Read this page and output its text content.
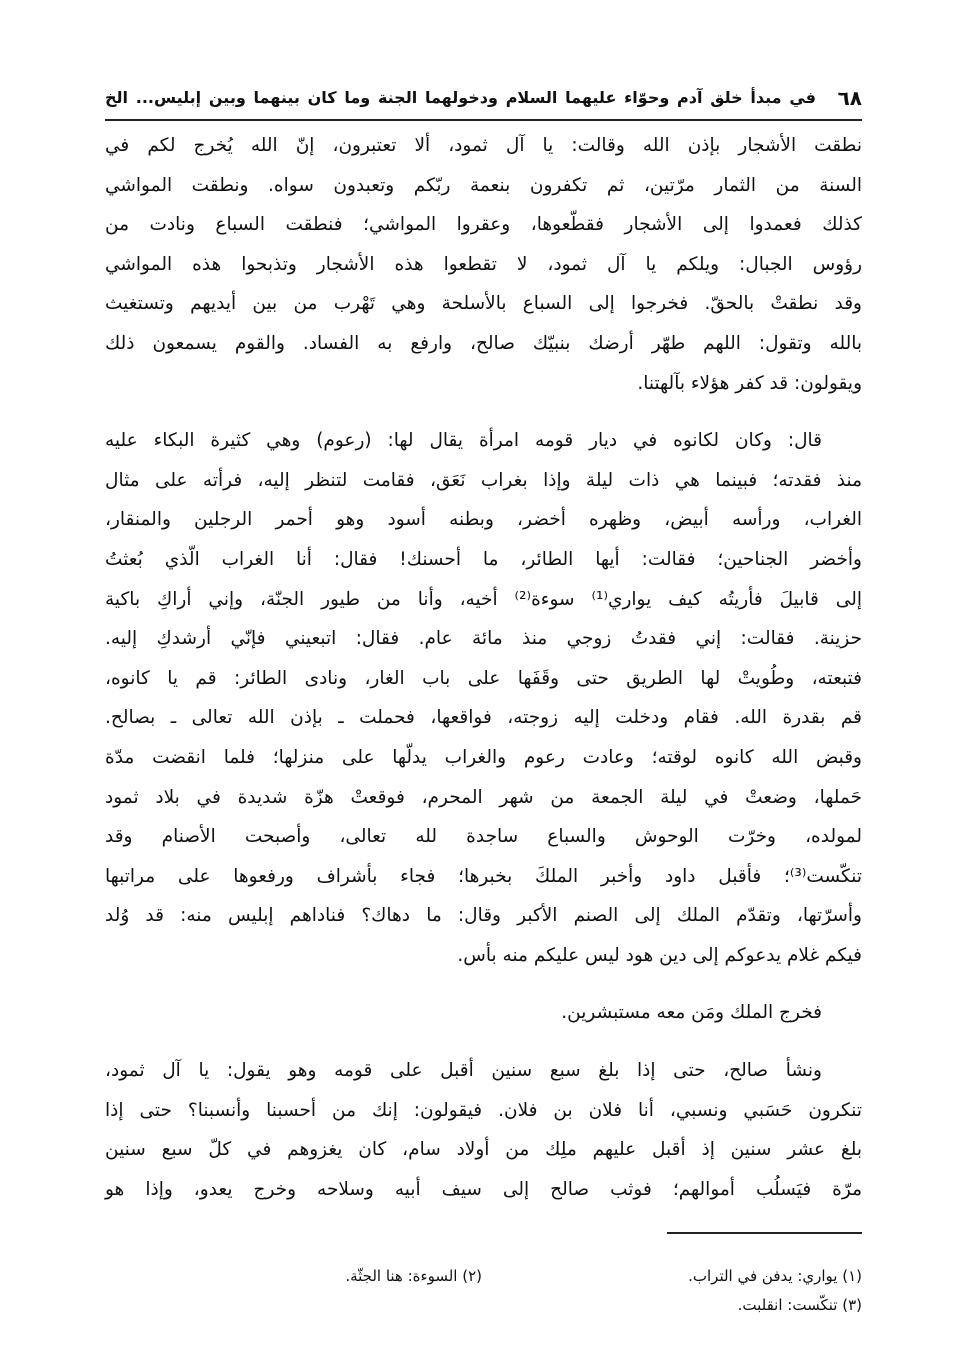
٦٨
في مبدأ خلق آدم وحوّاء عليهما السلام ودخولهما الجنة وما كان بينهما وبين إبليس... الخ
نطقت الأشجار بإذن الله وقالت: يا آل ثمود، ألا تعتبرون، إنّ الله يُخرج لكم في
السنة من الثمار مرّتين، ثم تكفرون بنعمة ربّكم وتعبدون سواه. ونطقت المواشي
كذلك فعمدوا إلى الأشجار فقطّعوها، وعقروا المواشي؛ فنطقت السباع ونادت من
رؤوس الجبال: ويلكم يا آل ثمود، لا تقطعوا هذه الأشجار وتذبحوا هذه المواشي
وقد نطقتْ بالحقّ. فخرجوا إلى السباع بالأسلحة وهي تَهْرب من بين أيديهم وتستغيث
بالله وتقول: اللهم طهّر أرضك بنبيّك صالح، وارفع به الفساد. والقوم يسمعون ذلك
ويقولون: قد كفر هؤلاء بآلهتنا.
قال: وكان لكانوه في ديار قومه امرأة يقال لها: (رعوم) وهي كثيرة البكاء عليه
منذ فقدته؛ فبينما هي ذات ليلة وإذا بغراب نَعَق، فقامت لتنظر إليه، فرأته على مثال
الغراب، ورأسه أبيض، وظهره أخضر، وبطنه أسود وهو أحمر الرجلين والمنقار،
وأخضر الجناحين؛ فقالت: أيها الطائر، ما أحسنك! فقال: أنا الغراب الّذي بُعثتُ
إلى قابيلَ فأريتُه كيف يواري⁽¹⁾ سوءة⁽²⁾ أخيه، وأنا من طيور الجنّة، وإني أراكِ باكية
حزينة. فقالت: إني فقدتُ زوجي منذ مائة عام. فقال: اتبعيني فإنّي أرشدكِ إليه.
فتبعته، وطُويتْ لها الطريق حتى وقَفَها على باب الغار، ونادى الطائر: قم يا كانوه،
قم بقدرة الله. فقام ودخلت إليه زوجته، فواقعها، فحملت ـ بإذن الله تعالى ـ بصالح.
وقبض الله كانوه لوقته؛ وعادت رعوم والغراب يدلّها على منزلها؛ فلما انقضت مدّة
حَملها، وضعتْ في ليلة الجمعة من شهر المحرم، فوقعتْ هزّة شديدة في بلاد ثمود
لمولده، وخرّت الوحوش والسباع ساجدة لله تعالى، وأصبحت الأصنام وقد
تنكّست⁽³⁾؛ فأقبل داود وأخبر الملكَ بخبرها؛ فجاء بأشراف ورفعوها على مراتبها
وأسرّتها، وتقدّم الملك إلى الصنم الأكبر وقال: ما دهاك؟ فناداهم إبليس منه: قد وُلد
فيكم غلام يدعوكم إلى دين هود ليس عليكم منه بأس.
فخرج الملك ومَن معه مستبشرين.
ونشأ صالح، حتى إذا بلغ سبع سنين أقبل على قومه وهو يقول: يا آل ثمود،
تنكرون حَسَبي ونسبي، أنا فلان بن فلان. فيقولون: إنك من أحسبنا وأنسبنا؟ حتى إذا
بلغ عشر سنين إذ أقبل عليهم ملِك من أولاد سام، كان يغزوهم في كلّ سبع سنين
مرّة فيَسلُب أموالهم؛ فوثب صالح إلى سيف أبيه وسلاحه وخرج يعدو، وإذا هو
(١) يواري: يدفن في التراب.
(٢) السوءة: هنا الجثّة.
(٣) تنكّست: انقلبت.
